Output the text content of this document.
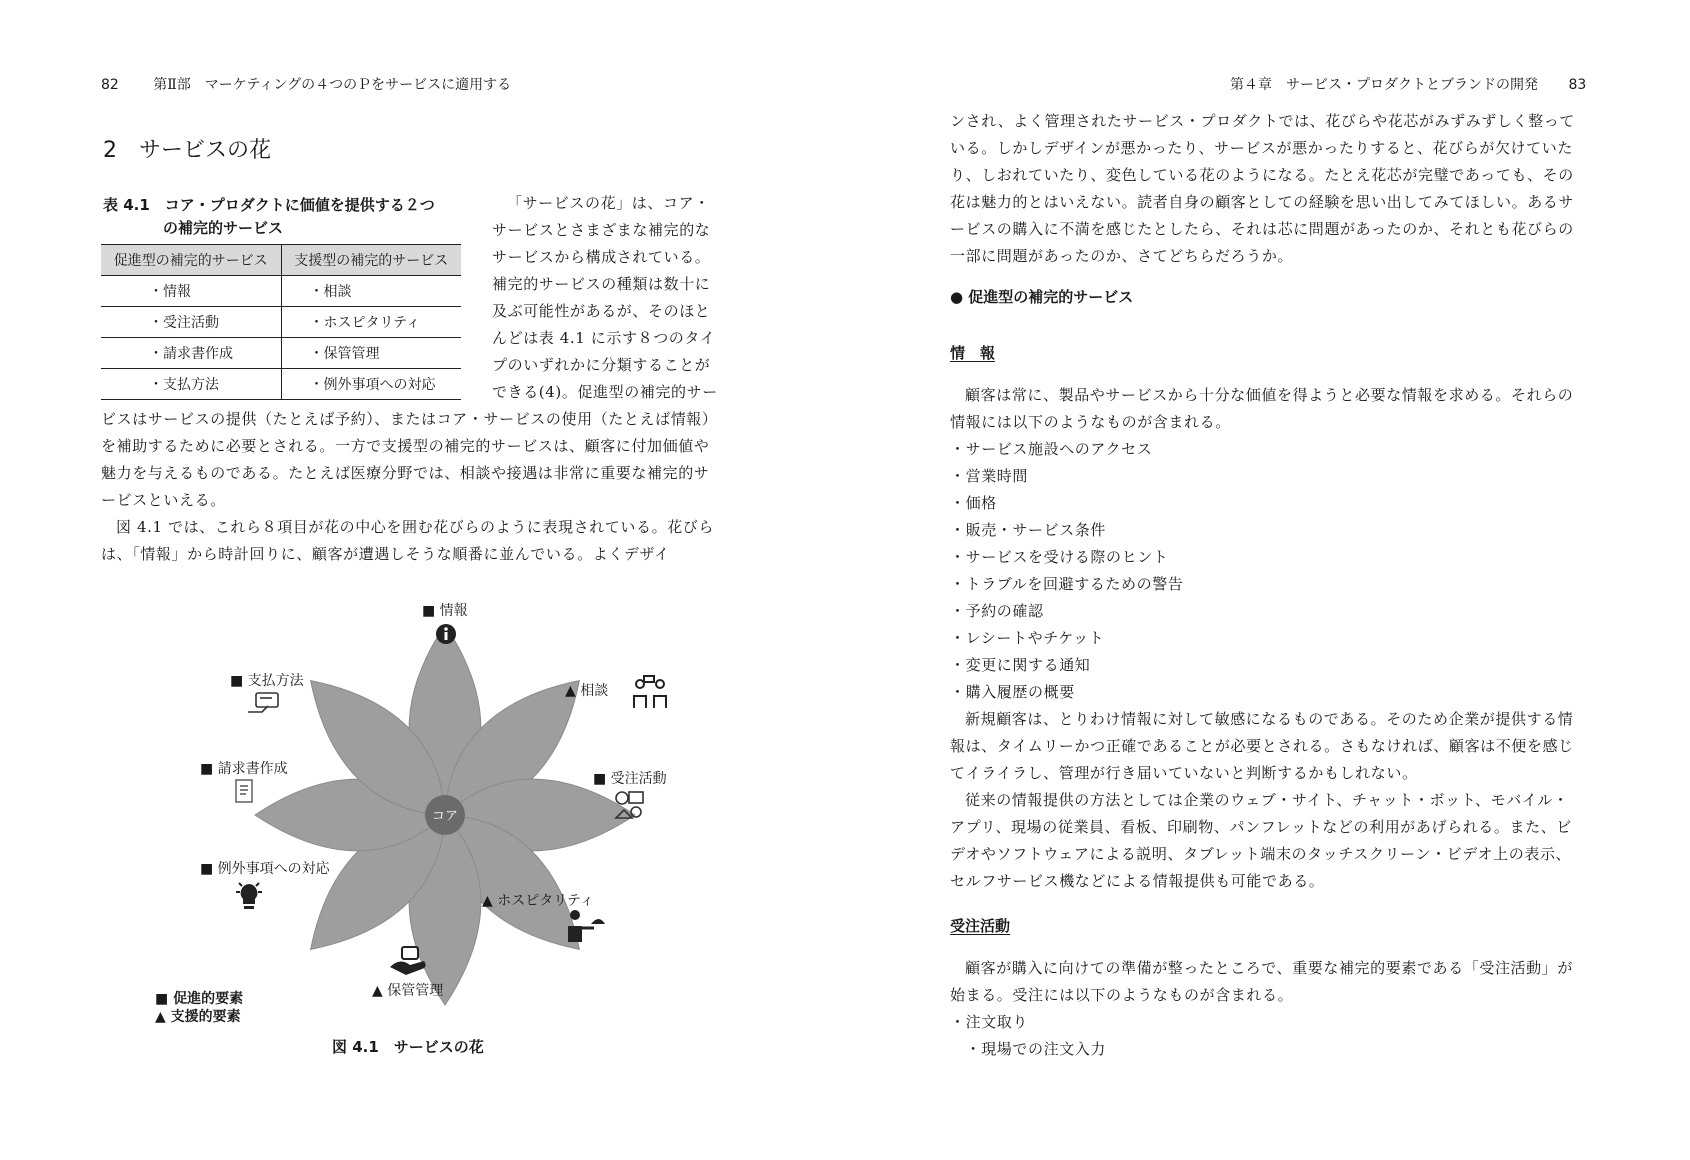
82 第Ⅱ部　マーケティングの４つのＰをサービスに適用する
2　サービスの花
表 4.1　コア・プロダクトに価値を提供する２つ
の補完的サービス
促進型の補完的サービス	支援型の補完的サービス
・情報	・相談
・受注活動	・ホスピタリティ
・請求書作成	・保管管理
・支払方法	・例外事項への対応
「サービスの花」は、コア・サービスとさまざまな補完的なサービスから構成されている。補完的サービスの種類は数十に及ぶ可能性があるが、そのほとんどは表 4.1 に示す８つのタイプのいずれかに分類することができる(4)。促進型の補完的サー

ビスはサービスの提供（たとえば予約）、またはコア・サービスの使用（たとえば情報）を補助するために必要とされる。一方で支援型の補完的サービスは、顧客に付加価値や魅力を与えるものである。たとえば医療分野では、相談や接遇は非常に重要な補完的サービスといえる。

図 4.1 では、これら８項目が花の中心を囲む花びらのように表現されている。花びらは、「情報」から時計回りに、顧客が遭遇しそうな順番に並んでいる。よくデザイ

コア
■ 情報
▲ 相談
■ 受注活動
▲ ホスピタリティ
▲ 保管管理
■ 例外事項への対応
■ 請求書作成
■ 支払方法
■ 促進的要素
▲ 支援的要素
図 4.1　サービスの花
第４章　サービス・プロダクトとブランドの開発 83
ンされ、よく管理されたサービス・プロダクトでは、花びらや花芯がみずみずしく整っている。しかしデザインが悪かったり、サービスが悪かったりすると、花びらが欠けていたり、しおれていたり、変色している花のようになる。たとえ花芯が完璧であっても、その花は魅力的とはいえない。読者自身の顧客としての経験を思い出してみてほしい。あるサービスの購入に不満を感じたとしたら、それは芯に問題があったのか、それとも花びらの一部に問題があったのか、さてどちらだろうか。
● 促進型の補完的サービス
情　報

顧客は常に、製品やサービスから十分な価値を得ようと必要な情報を求める。それらの情報には以下のようなものが含まれる。

・サービス施設へのアクセス
・営業時間
・価格
・販売・サービス条件
・サービスを受ける際のヒント
・トラブルを回避するための警告
・予約の確認
・レシートやチケット
・変更に関する通知
・購入履歴の概要

新規顧客は、とりわけ情報に対して敏感になるものである。そのため企業が提供する情報は、タイムリーかつ正確であることが必要とされる。さもなければ、顧客は不便を感じてイライラし、管理が行き届いていないと判断するかもしれない。

従来の情報提供の方法としては企業のウェブ・サイト、チャット・ボット、モバイル・アプリ、現場の従業員、看板、印刷物、パンフレットなどの利用があげられる。また、ビデオやソフトウェアによる説明、タブレット端末のタッチスクリーン・ビデオ上の表示、セルフサービス機などによる情報提供も可能である。

受注活動

顧客が購入に向けての準備が整ったところで、重要な補完的要素である「受注活動」が始まる。受注には以下のようなものが含まれる。

・注文取り
　・現場での注文入力
